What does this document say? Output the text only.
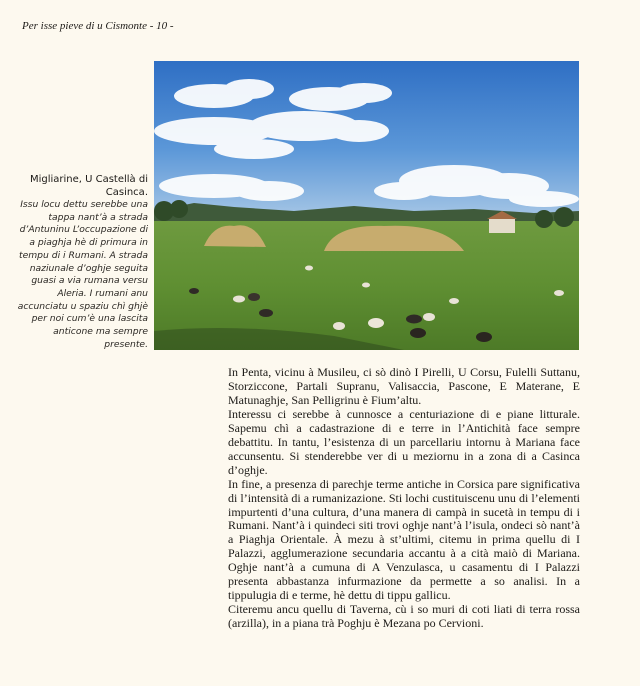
Per isse pieve di u Cismonte - 10 -
Migliarine, U Castellà di Casinca.
Issu locu dettu serebbe una tappa nant’à a strada d’Antuninu L’occupazione di a piaghja hè di primura in tempu di i Rumani. A strada naziunale d’oghje seguita guasi a via rumana versu Aleria. I rumani anu accunciatu u spaziu chì ghjè per noi cum’è una lascita anticone ma sempre presente.

In Penta, vicinu à Musileu, ci sò dinò I Pirelli, U Corsu, Fulelli Suttanu, Storziccone, Partali Supranu, Valisaccia, Pascone, E Materane, E Matunaghje, San Pelligrinu è Fium’altu.

Interessu ci serebbe à cunnosce a centuriazione di e piane litturale. Sapemu chì a cadastrazione di e terre in l’Antichità face sempre debattitu. In tantu, l’esistenza di un parcellariu intornu à Mariana face accunsentu. Si stenderebbe ver di u meziornu in a zona di a Casinca d’oghje.

In fine, a presenza di parechje terme antiche in Corsica pare significativa di l’intensità di a rumanizazione. Sti lochi custituiscenu unu di l’elementi impurtenti d’una cultura, d’una manera di campà in sucetà in tempu di i Rumani. Nant’à i quindeci siti trovi oghje nant’à l’isula, ondeci sò nant’à a Piaghja Orientale. À mezu à st’ultimi, citemu in prima quellu di I Palazzi, agglumerazione secundaria accantu à a cità maiò di Mariana. Oghje nant’à a cumuna di A Venzulasca, u casamentu di I Palazzi presenta abbastanza infurmazione da permette a so analisi. In a tippulugia di e terme, hè dettu di tippu gallicu.

Citeremu ancu quellu di Taverna, cù i so muri di coti liati di terra rossa (arzilla), in a piana trà Poghju è Mezana po Cervioni.
